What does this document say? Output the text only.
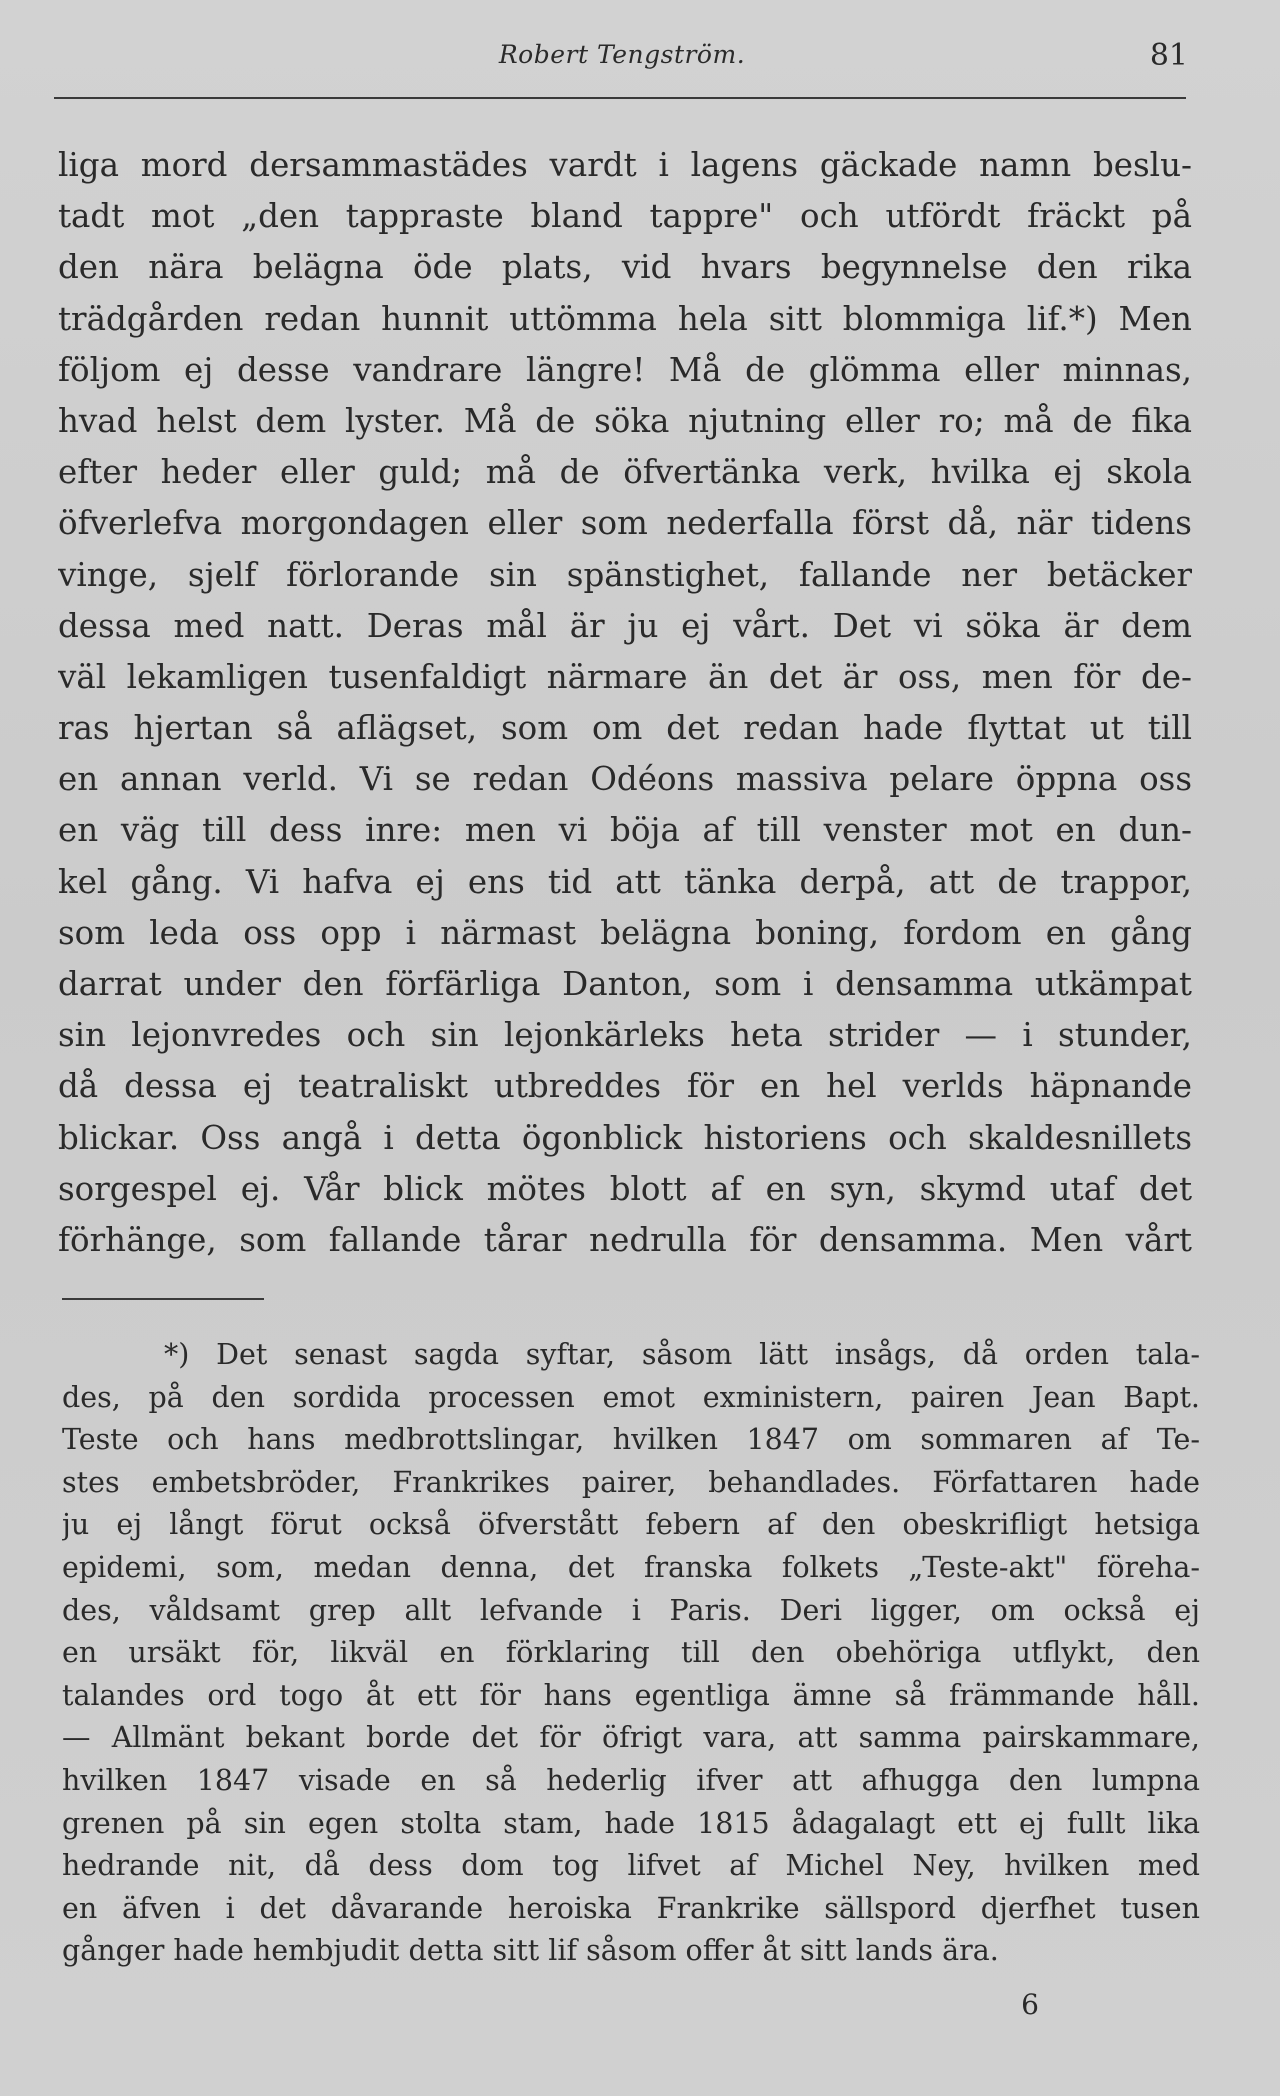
Robert Tengström.	81
liga mord dersammastädes vardt i lagens gäckade namn beslu-
tadt mot „den tappraste bland tappre" och utfördt fräckt på
den nära belägna öde plats, vid hvars begynnelse den rika
trädgården redan hunnit uttömma hela sitt blommiga lif.*) Men
följom ej desse vandrare längre! Må de glömma eller minnas,
hvad helst dem lyster. Må de söka njutning eller ro; må de fika
efter heder eller guld; må de öfvertänka verk, hvilka ej skola
öfverlefva morgondagen eller som nederfalla först då, när tidens
vinge, sjelf förlorande sin spänstighet, fallande ner betäcker
dessa med natt. Deras mål är ju ej vårt. Det vi söka är dem
väl lekamligen tusenfaldigt närmare än det är oss, men för de-
ras hjertan så aflägset, som om det redan hade flyttat ut till
en annan verld. Vi se redan Odéons massiva pelare öppna oss
en väg till dess inre: men vi böja af till venster mot en dun-
kel gång. Vi hafva ej ens tid att tänka derpå, att de trappor,
som leda oss opp i närmast belägna boning, fordom en gång
darrat under den förfärliga Danton, som i densamma utkämpat
sin lejonvredes och sin lejonkärleks heta strider — i stunder,
då dessa ej teatraliskt utbreddes för en hel verlds häpnande
blickar. Oss angå i detta ögonblick historiens och skaldesnillets
sorgespel ej. Vår blick mötes blott af en syn, skymd utaf det
förhänge, som fallande tårar nedrulla för densamma. Men vårt
*) Det senast sagda syftar, såsom lätt insågs, då orden tala-
des, på den sordida processen emot exministern, pairen Jean Bapt.
Teste och hans medbrottslingar, hvilken 1847 om sommaren af Te-
stes embetsbröder, Frankrikes pairer, behandlades. Författaren hade
ju ej långt förut också öfverstått febern af den obeskrifligt hetsiga
epidemi, som, medan denna, det franska folkets „Teste-akt" föreha-
des, våldsamt grep allt lefvande i Paris. Deri ligger, om också ej
en ursäkt för, likväl en förklaring till den obehöriga utflykt, den
talandes ord togo åt ett för hans egentliga ämne så främmande håll.
— Allmänt bekant borde det för öfrigt vara, att samma pairskammare,
hvilken 1847 visade en så hederlig ifver att afhugga den lumpna
grenen på sin egen stolta stam, hade 1815 ådagalagt ett ej fullt lika
hedrande nit, då dess dom tog lifvet af Michel Ney, hvilken med
en äfven i det dåvarande heroiska Frankrike sällspord djerfhet tusen
gånger hade hembjudit detta sitt lif såsom offer åt sitt lands ära.
6
